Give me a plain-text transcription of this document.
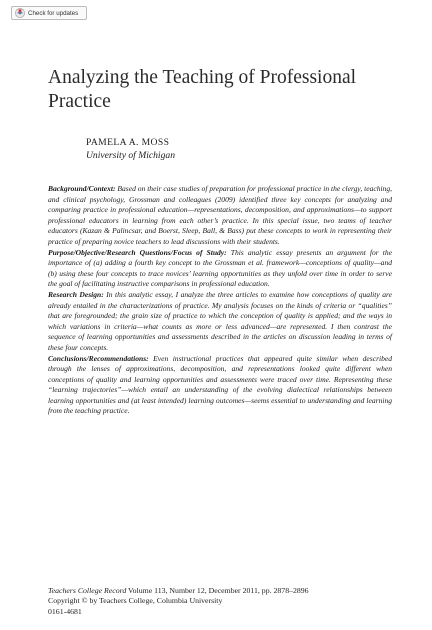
Check for updates
Analyzing the Teaching of Professional Practice
PAMELA A. MOSS
University of Michigan

Background/Context: Based on their case studies of preparation for professional practice in the clergy, teaching, and clinical psychology, Grossman and colleagues (2009) identified three key concepts for analyzing and comparing practice in professional education—representations, decomposition, and approximations—to support professional educators in learning from each other’s practice. In this special issue, two teams of teacher educators (Kazan & Palincsar, and Boerst, Sleep, Ball, & Bass) put these concepts to work in representing their practice of preparing novice teachers to lead discussions with their students.

Purpose/Objective/Research Questions/Focus of Study: This analytic essay presents an argument for the importance of (a) adding a fourth key concept to the Grossman et al. framework—conceptions of quality—and (b) using these four concepts to trace novices’ learning opportunities as they unfold over time in order to serve the goal of facilitating instructive comparisons in professional education.

Research Design: In this analytic essay, I analyze the three articles to examine how conceptions of quality are already entailed in the characterizations of practice. My analysis focuses on the kinds of criteria or “qualities” that are foregrounded; the grain size of practice to which the conception of quality is applied; and the ways in which variations in criteria—what counts as more or less advanced—are represented. I then contrast the sequence of learning opportunities and assessments described in the articles on discussion leading in terms of these four concepts.

Conclusions/Recommendations: Even instructional practices that appeared quite similar when described through the lenses of approximations, decomposition, and representations looked quite different when conceptions of quality and learning opportunities and assessments were traced over time. Representing these “learning trajectories”—which entail an understanding of the evolving dialectical relationships between learning opportunities and (at least intended) learning outcomes—seems essential to understanding and learning from the teaching practice.

Teachers College Record Volume 113, Number 12, December 2011, pp. 2878–2896
Copyright © by Teachers College, Columbia University
0161-4681
